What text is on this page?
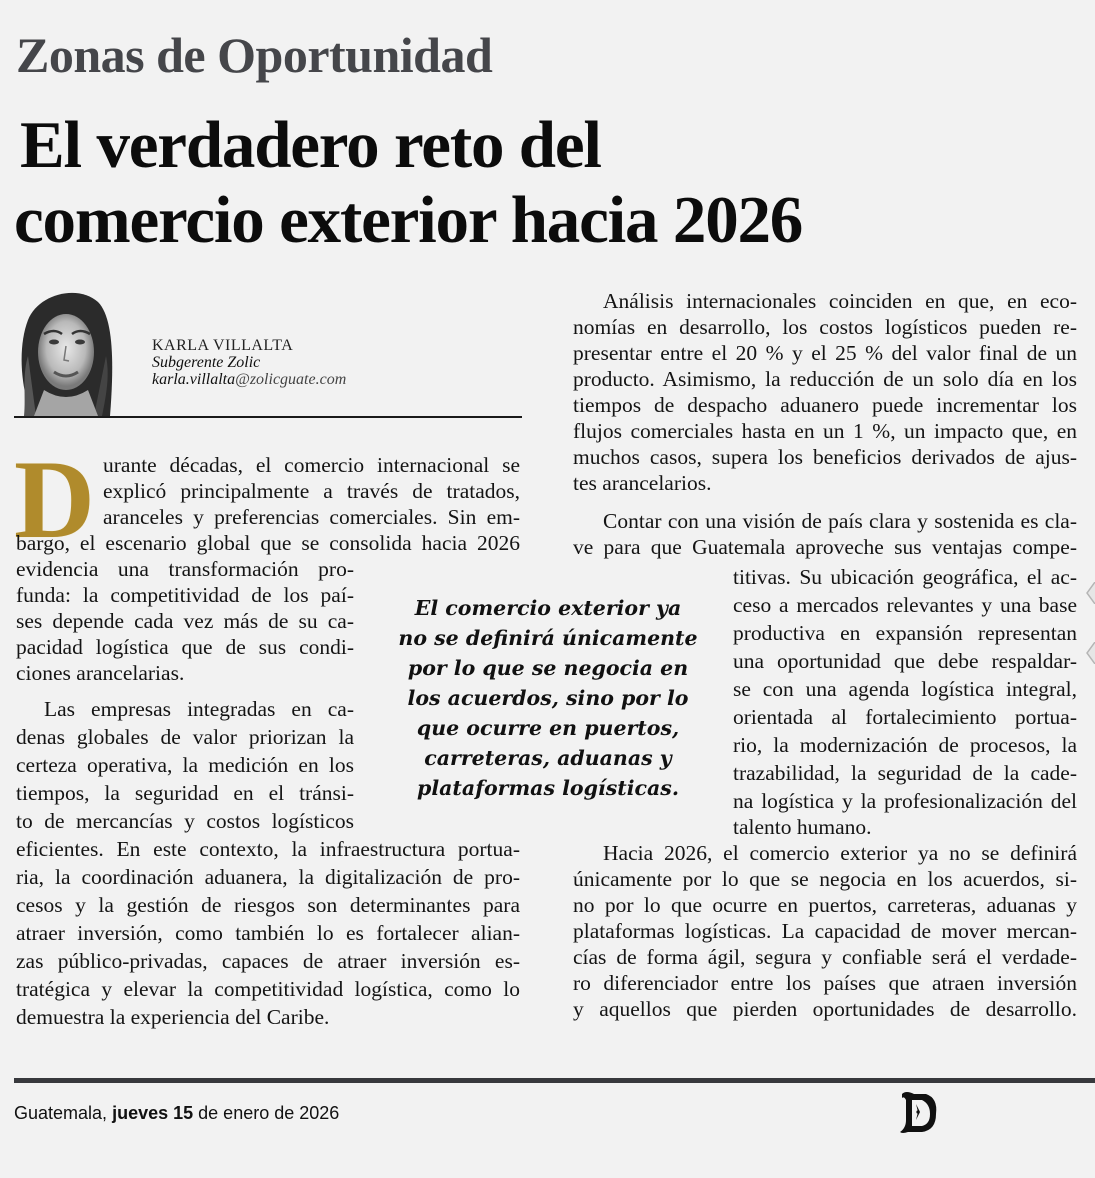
Zonas de Oportunidad
El verdadero reto del
comercio exterior hacia 2026
KARLA VILLALTA
Subgerente Zolic
karla.villalta@zolicguate.com
D urante décadas, el comercio internacional se
explicó principalmente a través de tratados,
aranceles y preferencias comerciales. Sin em-
bargo, el escenario global que se consolida hacia 2026
evidencia una transformación pro-
funda: la competitividad de los paí-
ses depende cada vez más de su ca-
pacidad logística que de sus condi-
ciones arancelarias.
Las empresas integradas en ca-
denas globales de valor priorizan la
certeza operativa, la medición en los
tiempos, la seguridad en el tránsi-
to de mercancías y costos logísticos
eficientes. En este contexto, la infraestructura portua-
ria, la coordinación aduanera, la digitalización de pro-
cesos y la gestión de riesgos son determinantes para
atraer inversión, como también lo es fortalecer alian-
zas público-privadas, capaces de atraer inversión es-
tratégica y elevar la competitividad logística, como lo
demuestra la experiencia del Caribe.
El comercio exterior ya
no se definirá únicamente
por lo que se negocia en
los acuerdos, sino por lo
que ocurre en puertos,
carreteras, aduanas y
plataformas logísticas.
Análisis internacionales coinciden en que, en eco-
nomías en desarrollo, los costos logísticos pueden re-
presentar entre el 20 % y el 25 % del valor final de un
producto. Asimismo, la reducción de un solo día en los
tiempos de despacho aduanero puede incrementar los
flujos comerciales hasta en un 1 %, un impacto que, en
muchos casos, supera los beneficios derivados de ajus-
tes arancelarios.
Contar con una visión de país clara y sostenida es cla-
ve para que Guatemala aproveche sus ventajas compe-
titivas. Su ubicación geográfica, el ac-
ceso a mercados relevantes y una base
productiva en expansión representan
una oportunidad que debe respaldar-
se con una agenda logística integral,
orientada al fortalecimiento portua-
rio, la modernización de procesos, la
trazabilidad, la seguridad de la cade-
na logística y la profesionalización del
talento humano.
Hacia 2026, el comercio exterior ya no se definirá
únicamente por lo que se negocia en los acuerdos, si-
no por lo que ocurre en puertos, carreteras, aduanas y
plataformas logísticas. La capacidad de mover mercan-
cías de forma ágil, segura y confiable será el verdade-
ro diferenciador entre los países que atraen inversión
y aquellos que pierden oportunidades de desarrollo.
Guatemala, jueves 15 de enero de 2026
